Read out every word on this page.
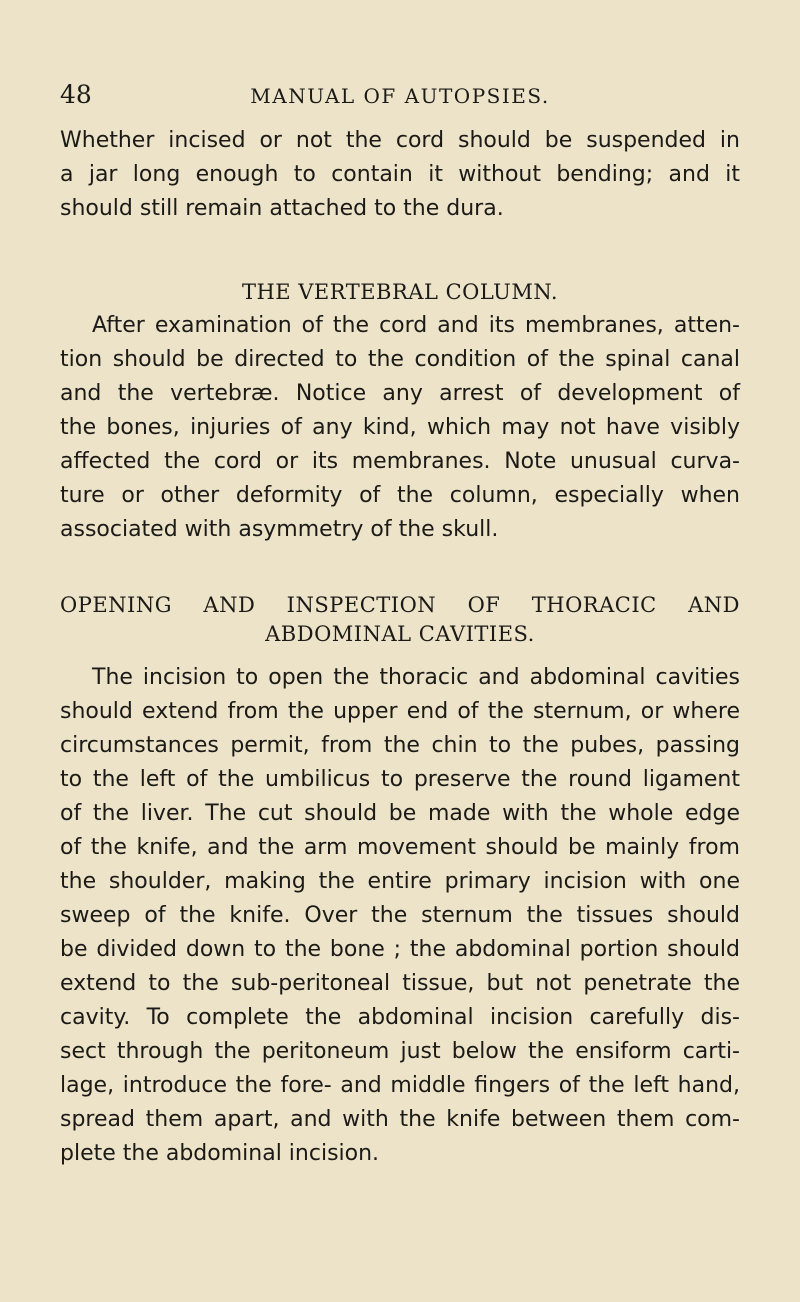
48	MANUAL OF AUTOPSIES.
Whether incised or not the cord should be suspended in
a jar long enough to contain it without bending; and it
should still remain attached to the dura.
THE VERTEBRAL COLUMN.
After examination of the cord and its membranes, atten-
tion should be directed to the condition of the spinal canal
and the vertebræ. Notice any arrest of development of
the bones, injuries of any kind, which may not have visibly
affected the cord or its membranes. Note unusual curva-
ture or other deformity of the column, especially when
associated with asymmetry of the skull.
OPENING AND INSPECTION OF THORACIC AND
ABDOMINAL CAVITIES.
The incision to open the thoracic and abdominal cavities
should extend from the upper end of the sternum, or where
circumstances permit, from the chin to the pubes, passing
to the left of the umbilicus to preserve the round ligament
of the liver. The cut should be made with the whole edge
of the knife, and the arm movement should be mainly from
the shoulder, making the entire primary incision with one
sweep of the knife. Over the sternum the tissues should
be divided down to the bone ; the abdominal portion should
extend to the sub-peritoneal tissue, but not penetrate the
cavity. To complete the abdominal incision carefully dis-
sect through the peritoneum just below the ensiform carti-
lage, introduce the fore- and middle fingers of the left hand,
spread them apart, and with the knife between them com-
plete the abdominal incision.
